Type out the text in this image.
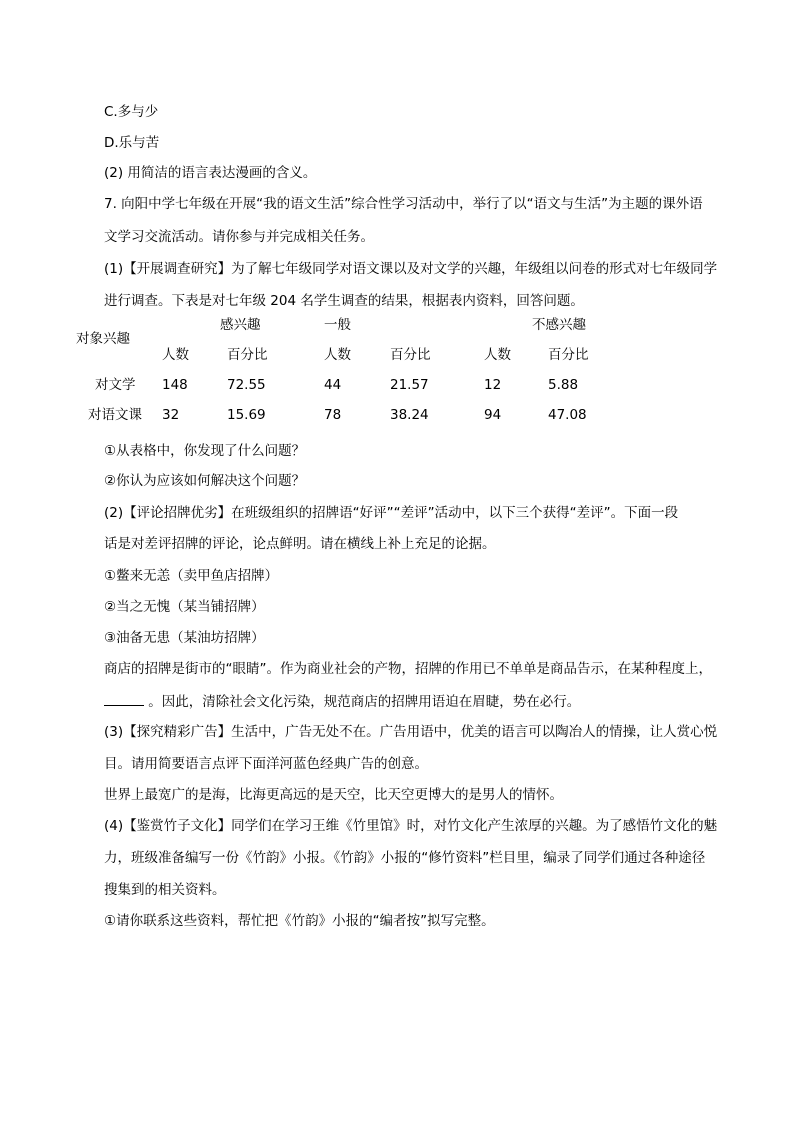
C.多与少
D.乐与苦
(2) 用简洁的语言表达漫画的含义。
7. 向阳中学七年级在开展“我的语文生活”综合性学习活动中，举行了以“语文与生活”为主题的课外语
文学习交流活动。请你参与并完成相关任务。
(1)【开展调查研究】为了解七年级同学对语文课以及对文学的兴趣，年级组以问卷的形式对七年级同学
进行调查。下表是对七年级 204 名学生调查的结果，根据表内资料，回答问题。
对象兴趣
感兴趣	一般	不感兴趣
人数	百分比	人数	百分比	人数	百分比
对文学 148	72.55	44	21.57	12	5.88
对语文课 32	15.69	78	38.24	94	47.08
①从表格中，你发现了什么问题？
②你认为应该如何解决这个问题？
(2)【评论招牌优劣】在班级组织的招牌语“好评”“差评”活动中，以下三个获得“差评”。下面一段
话是对差评招牌的评论，论点鲜明。请在横线上补上充足的论据。
①鳖来无恙（卖甲鱼店招牌）
②当之无愧（某当铺招牌）
③油备无患（某油坊招牌）
商店的招牌是街市的“眼睛”。作为商业社会的产物，招牌的作用已不单单是商品告示，在某种程度上，
。因此，清除社会文化污染，规范商店的招牌用语迫在眉睫，势在必行。
(3)【探究精彩广告】生活中，广告无处不在。广告用语中，优美的语言可以陶冶人的情操，让人赏心悦
目。请用简要语言点评下面洋河蓝色经典广告的创意。
世界上最宽广的是海，比海更高远的是天空，比天空更博大的是男人的情怀。
(4)【鉴赏竹子文化】同学们在学习王维《竹里馆》时，对竹文化产生浓厚的兴趣。为了感悟竹文化的魅
力，班级准备编写一份《竹韵》小报。《竹韵》小报的“修竹资料”栏目里，编录了同学们通过各种途径
搜集到的相关资料。
①请你联系这些资料，帮忙把《竹韵》小报的“编者按”拟写完整。
